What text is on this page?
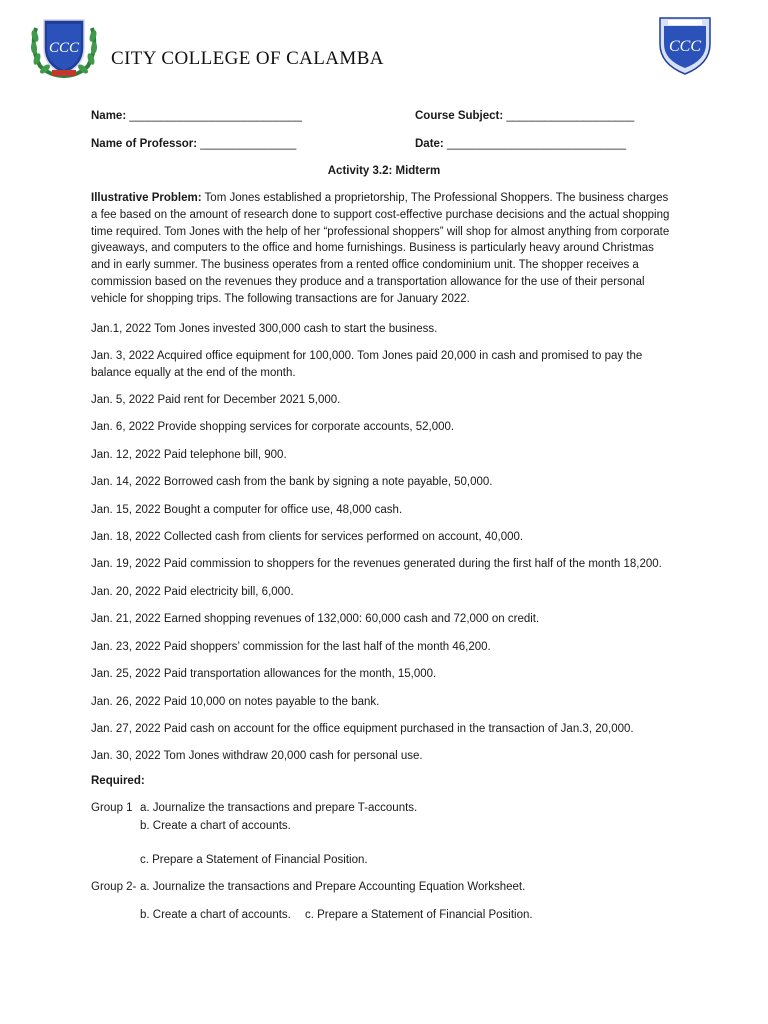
CCC	CCC
CITY COLLEGE OF CALAMBA
Name: ___________________________	Course Subject: ____________________
Name of Professor: _______________	Date: ____________________________
Activity 3.2: Midterm
Illustrative Problem: Tom Jones established a proprietorship, The Professional Shoppers. The business charges a fee based on the amount of research done to support cost-effective purchase decisions and the actual shopping time required. Tom Jones with the help of her “professional shoppers” will shop for almost anything from corporate giveaways, and computers to the office and home furnishings. Business is particularly heavy around Christmas and in early summer. The business operates from a rented office condominium unit. The shopper receives a commission based on the revenues they produce and a transportation allowance for the use of their personal vehicle for shopping trips. The following transactions are for January 2022.
Jan.1, 2022 Tom Jones invested 300,000 cash to start the business.
Jan. 3, 2022 Acquired office equipment for 100,000. Tom Jones paid 20,000 in cash and promised to pay the balance equally at the end of the month.
Jan. 5, 2022 Paid rent for December 2021 5,000.
Jan. 6, 2022 Provide shopping services for corporate accounts, 52,000.
Jan. 12, 2022 Paid telephone bill, 900.
Jan. 14, 2022 Borrowed cash from the bank by signing a note payable, 50,000.
Jan. 15, 2022 Bought a computer for office use, 48,000 cash.
Jan. 18, 2022 Collected cash from clients for services performed on account, 40,000.
Jan. 19, 2022 Paid commission to shoppers for the revenues generated during the first half of the month 18,200.
Jan. 20, 2022 Paid electricity bill, 6,000.
Jan. 21, 2022 Earned shopping revenues of 132,000: 60,000 cash and 72,000 on credit.
Jan. 23, 2022 Paid shoppers’ commission for the last half of the month 46,200.
Jan. 25, 2022 Paid transportation allowances for the month, 15,000.
Jan. 26, 2022 Paid 10,000 on notes payable to the bank.
Jan. 27, 2022 Paid cash on account for the office equipment purchased in the transaction of Jan.3, 20,000.
Jan. 30, 2022 Tom Jones withdraw 20,000 cash for personal use.
Required:
Group 1 a. Journalize the transactions and prepare T-accounts.
b. Create a chart of accounts.
c. Prepare a Statement of Financial Position.
Group 2- a. Journalize the transactions and Prepare Accounting Equation Worksheet.
b. Create a chart of accounts. c. Prepare a Statement of Financial Position.
